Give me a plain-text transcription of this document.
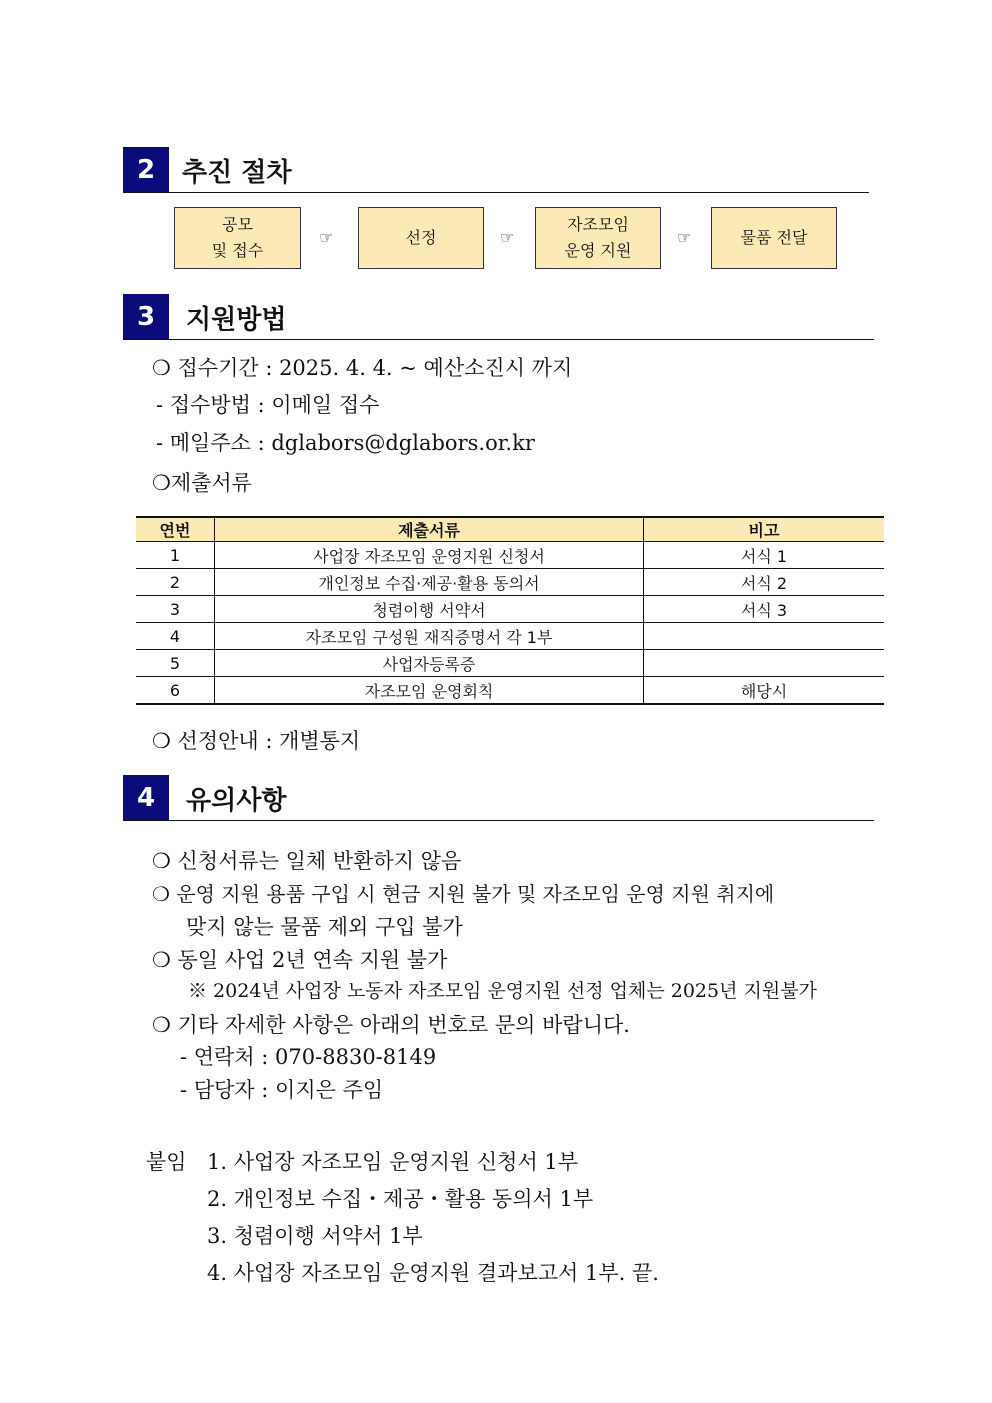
2	추진 절차
공모
및 접수
☞	선정	☞
자조모임
운영 지원
☞	물품 전달
3	지원방법
❍ 접수기간 : 2025. 4. 4. ~ 예산소진시 까지
- 접수방법 : 이메일 접수
- 메일주소 : dglabors@dglabors.or.kr
❍제출서류
연번	제출서류	비고
1	사업장 자조모임 운영지원 신청서	서식 1
2	개인정보 수집·제공·활용 동의서	서식 2
3	청렴이행 서약서	서식 3
4	자조모임 구성원 재직증명서 각 1부	
5	사업자등록증	
6	자조모임 운영회칙	해당시
❍ 선정안내 : 개별통지
4	유의사항
❍ 신청서류는 일체 반환하지 않음
❍ 운영 지원 용품 구입 시 현금 지원 불가 및 자조모임 운영 지원 취지에
맞지 않는 물품 제외 구입 불가
❍ 동일 사업 2년 연속 지원 불가
※ 2024년 사업장 노동자 자조모임 운영지원 선정 업체는 2025년 지원불가
❍ 기타 자세한 사항은 아래의 번호로 문의 바랍니다.
- 연락처 : 070-8830-8149
- 담당자 : 이지은 주임
붙임 1. 사업장 자조모임 운영지원 신청서 1부
2. 개인정보 수집・제공・활용 동의서 1부
3. 청렴이행 서약서 1부
4. 사업장 자조모임 운영지원 결과보고서 1부. 끝.
